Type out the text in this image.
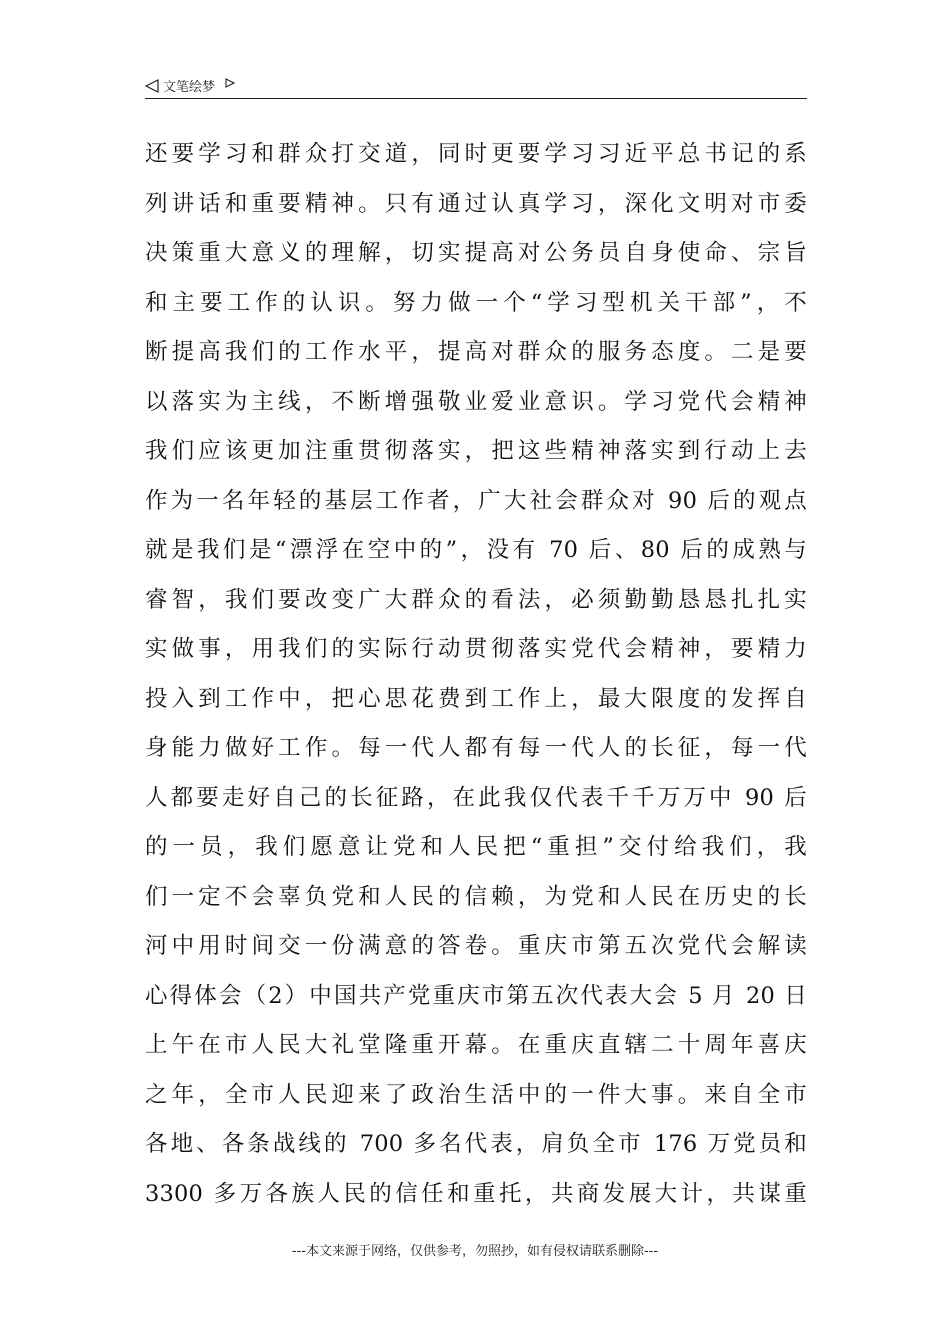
文笔绘梦
还要学习和群众打交道，同时更要学习习近平总书记的系
列讲话和重要精神。只有通过认真学习，深化文明对市委
决策重大意义的理解，切实提高对公务员自身使命、宗旨
和主要工作的认识。努力做一个“学习型机关干部”，不
断提高我们的工作水平，提高对群众的服务态度。二是要
以落实为主线，不断增强敬业爱业意识。学习党代会精神
我们应该更加注重贯彻落实，把这些精神落实到行动上去
作为一名年轻的基层工作者，广大社会群众对 90 后的观点
就是我们是“漂浮在空中的”，没有 70 后、80 后的成熟与
睿智，我们要改变广大群众的看法，必须勤勤恳恳扎扎实
实做事，用我们的实际行动贯彻落实党代会精神，要精力
投入到工作中，把心思花费到工作上，最大限度的发挥自
身能力做好工作。每一代人都有每一代人的长征，每一代
人都要走好自己的长征路，在此我仅代表千千万万中 90 后
的一员，我们愿意让党和人民把“重担”交付给我们，我
们一定不会辜负党和人民的信赖，为党和人民在历史的长
河中用时间交一份满意的答卷。重庆市第五次党代会解读
心得体会（2）中国共产党重庆市第五次代表大会 5 月 20 日
上午在市人民大礼堂隆重开幕。在重庆直辖二十周年喜庆
之年，全市人民迎来了政治生活中的一件大事。来自全市
各地、各条战线的 700 多名代表，肩负全市 176 万党员和
3300 多万各族人民的信任和重托，共商发展大计，共谋重
---本文来源于网络，仅供参考，勿照抄，如有侵权请联系删除---
